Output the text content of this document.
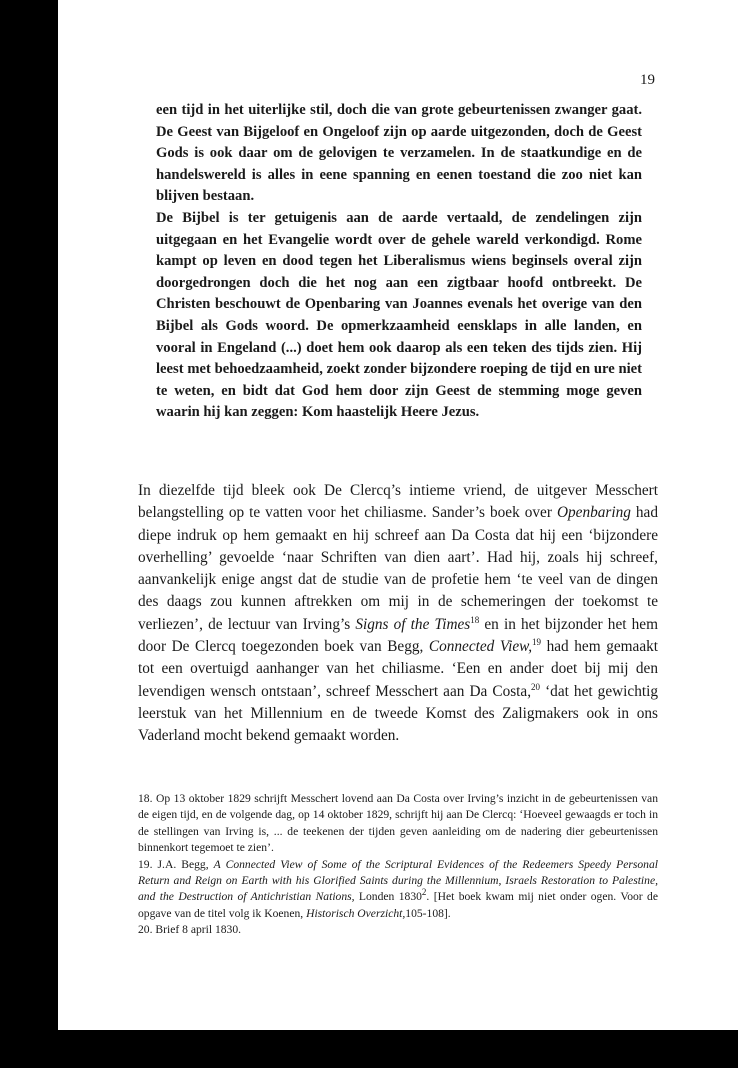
19

een tijd in het uiterlijke stil, doch die van grote gebeurtenissen zwanger gaat. De Geest van Bijgeloof en Ongeloof zijn op aarde uitgezonden, doch de Geest Gods is ook daar om de gelovigen te verzamelen. In de staatkundige en de handelswereld is alles in eene spanning en eenen toestand die zoo niet kan blijven bestaan.

De Bijbel is ter getuigenis aan de aarde vertaald, de zendelingen zijn uitgegaan en het Evangelie wordt over de gehele wareld verkondigd. Rome kampt op leven en dood tegen het Liberalismus wiens beginsels overal zijn doorgedrongen doch die het nog aan een zigtbaar hoofd ontbreekt. De Christen beschouwt de Openbaring van Joannes evenals het overige van den Bijbel als Gods woord. De opmerkzaamheid eensklaps in alle landen, en vooral in Engeland (...) doet hem ook daarop als een teken des tijds zien. Hij leest met behoedzaamheid, zoekt zonder bijzondere roeping de tijd en ure niet te weten, en bidt dat God hem door zijn Geest de stemming moge geven waarin hij kan zeggen: Kom haastelijk Heere Jezus.

In diezelfde tijd bleek ook De Clercq’s intieme vriend, de uitgever Messchert belangstelling op te vatten voor het chiliasme. Sander’s boek over Openbaring had diepe indruk op hem gemaakt en hij schreef aan Da Costa dat hij een ‘bijzondere overhelling’ gevoelde ‘naar Schriften van dien aart’. Had hij, zoals hij schreef, aanvankelijk enige angst dat de studie van de profetie hem ‘te veel van de dingen des daags zou kunnen aftrekken om mij in de schemeringen der toekomst te verliezen’, de lectuur van Irving’s Signs of the Times$^{18}$ en in het bijzonder het hem door De Clercq toegezonden boek van Begg, Connected View,$^{19}$ had hem gemaakt tot een overtuigd aanhanger van het chiliasme. ‘Een en ander doet bij mij den levendigen wensch ontstaan’, schreef Messchert aan Da Costa,$^{20}$ ‘dat het gewichtig leerstuk van het Millennium en de tweede Komst des Zaligmakers ook in ons Vaderland mocht bekend gemaakt worden.

18. Op 13 oktober 1829 schrijft Messchert lovend aan Da Costa over Irving’s inzicht in de gebeurtenissen van de eigen tijd, en de volgende dag, op 14 oktober 1829, schrijft hij aan De Clercq: ‘Hoeveel gewaagds er toch in de stellingen van Irving is, ... de teekenen der tijden geven aanleiding om de nadering dier gebeurtenissen binnenkort tegemoet te zien’.

19. J.A. Begg, A Connected View of Some of the Scriptural Evidences of the Redeemers Speedy Personal Return and Reign on Earth with his Glorified Saints during the Millennium, Israels Restoration to Palestine, and the Destruction of Antichristian Nations, Londen 1830$^2$. [Het boek kwam mij niet onder ogen. Voor de opgave van de titel volg ik Koenen, Historisch Overzicht,105-108].

20. Brief 8 april 1830.
